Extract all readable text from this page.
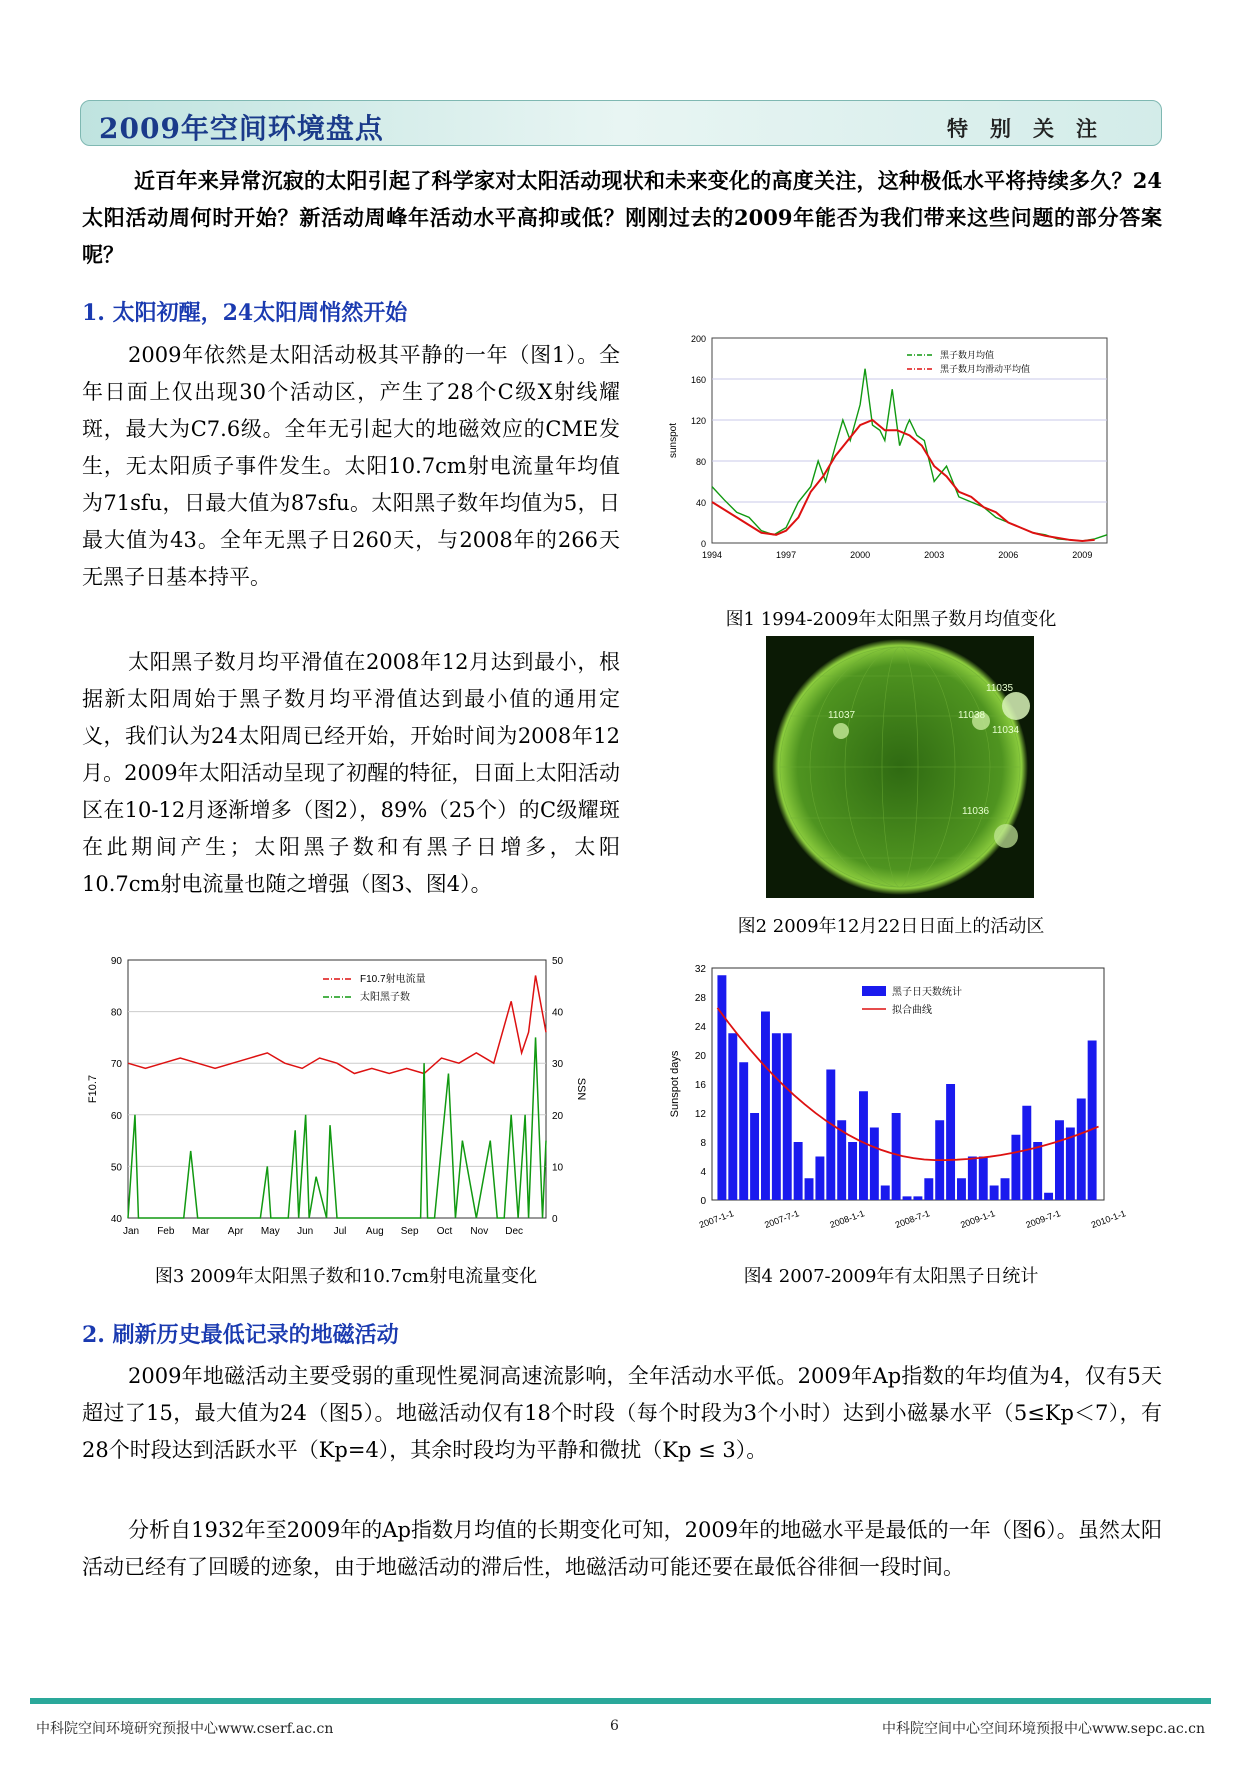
2009年空间环境盘点	特别关注

近百年来异常沉寂的太阳引起了科学家对太阳活动现状和未来变化的高度关注，这种极低水平将持续多久？24太阳活动周何时开始？新活动周峰年活动水平高抑或低？刚刚过去的2009年能否为我们带来这些问题的部分答案呢？

1. 太阳初醒，24太阳周悄然开始

2009年依然是太阳活动极其平静的一年（图1）。全年日面上仅出现30个活动区，产生了28个C级X射线耀斑，最大为C7.6级。全年无引起大的地磁效应的CME发生，无太阳质子事件发生。太阳10.7cm射电流量年均值为71sfu，日最大值为87sfu。太阳黑子数年均值为5，日最大值为43。全年无黑子日260天，与2008年的266天无黑子日基本持平。

太阳黑子数月均平滑值在2008年12月达到最小，根据新太阳周始于黑子数月均平滑值达到最小值的通用定义，我们认为24太阳周已经开始，开始时间为2008年12月。2009年太阳活动呈现了初醒的特征，日面上太阳活动区在10-12月逐渐增多（图2），89%（25个）的C级耀斑在此期间产生；太阳黑子数和有黑子日增多，太阳10.7cm射电流量也随之增强（图3、图4）。

0
40
80
120
160
200
1994	1997	2000	2003	2006	2009
sunspot
黑子数月均值
黑子数月均滑动平均值
图1 1994-2009年太阳黑子数月均值变化
11035
11037	11038
11034
11036
图2 2009年12月22日日面上的活动区
40	0
50	10
60	20
70	30
80	40
90	50
Jan Feb Mar Apr May Jun Jul Aug Sep Oct Nov Dec
F10.7	SSN
F10.7射电流量
太阳黑子数
图3 2009年太阳黑子数和10.7cm射电流量变化
0
4
8
12
16
20
24
28
32
Sunspot days
2007-1-1	2007-7-1	2008-1-1	2008-7-1	2009-1-1	2009-7-1	2010-1-1
黑子日天数统计
拟合曲线
图4 2007-2009年有太阳黑子日统计
2. 刷新历史最低记录的地磁活动

2009年地磁活动主要受弱的重现性冕洞高速流影响，全年活动水平低。2009年Ap指数的年均值为4，仅有5天超过了15，最大值为24（图5）。地磁活动仅有18个时段（每个时段为3个小时）达到小磁暴水平（5≤Kp＜7），有28个时段达到活跃水平（Kp=4），其余时段均为平静和微扰（Kp ≤ 3）。

分析自1932年至2009年的Ap指数月均值的长期变化可知，2009年的地磁水平是最低的一年（图6）。虽然太阳活动已经有了回暖的迹象，由于地磁活动的滞后性，地磁活动可能还要在最低谷徘徊一段时间。

中科院空间环境研究预报中心www.cserf.ac.cn	6	中科院空间中心空间环境预报中心www.sepc.ac.cn
